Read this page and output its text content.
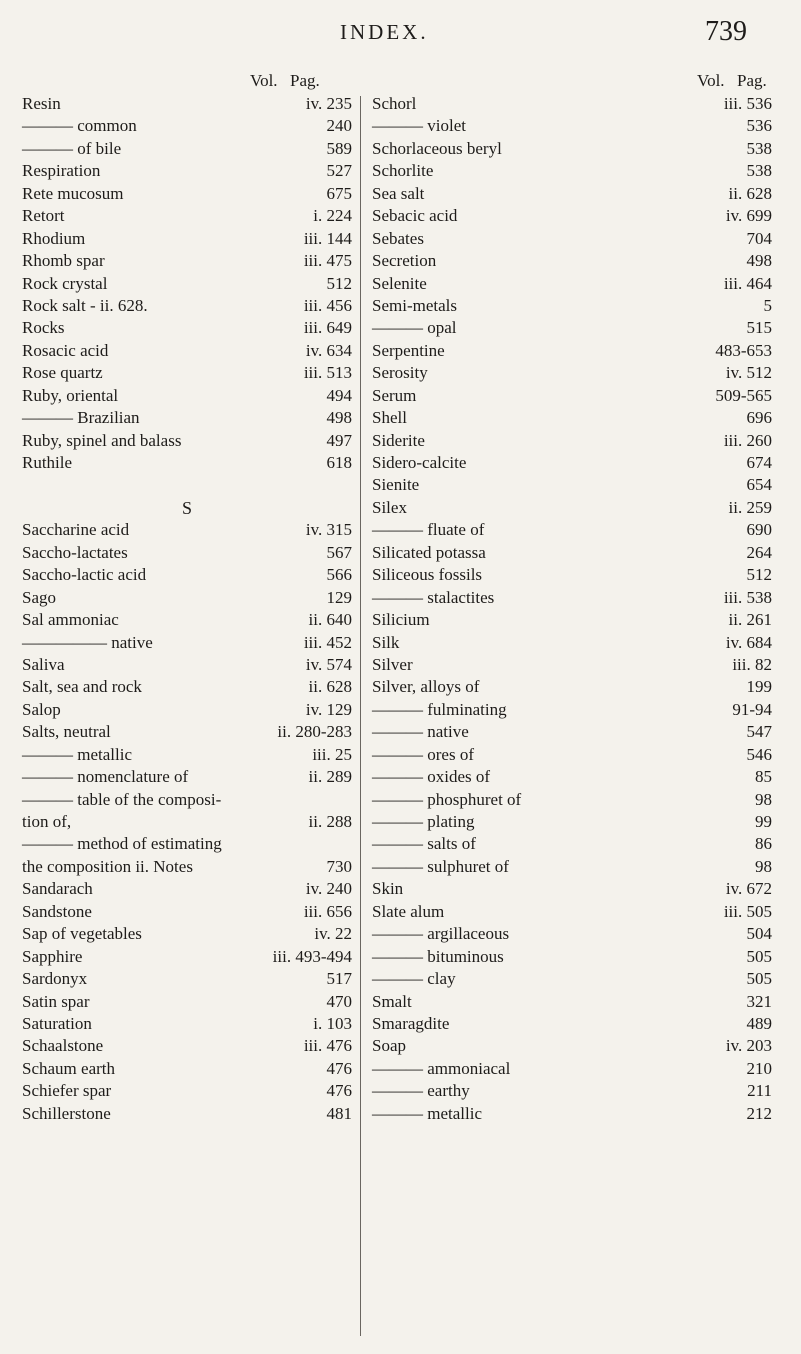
INDEX.	739
Vol. Pag.
Resin	iv. 235
——— common	240
——— of bile	589
Respiration	527
Rete mucosum	675
Retort	i. 224
Rhodium	iii. 144
Rhomb spar	iii. 475
Rock crystal	512
Rock salt - ii. 628.	iii. 456
Rocks	iii. 649
Rosacic acid	iv. 634
Rose quartz	iii. 513
Ruby, oriental	494
——— Brazilian	498
Ruby, spinel and balass	497
Ruthile	618
S
Saccharine acid	iv. 315
Saccho-lactates	567
Saccho-lactic acid	566
Sago	129
Sal ammoniac	ii. 640
————— native	iii. 452
Saliva	iv. 574
Salt, sea and rock	ii. 628
Salop	iv. 129
Salts, neutral	ii. 280-283
——— metallic	iii. 25
——— nomenclature of	ii. 289
——— table of the composi-
tion of,	ii. 288
——— method of estimating
the composition ii. Notes	730
Sandarach	iv. 240
Sandstone	iii. 656
Sap of vegetables	iv. 22
Sapphire	iii. 493-494
Sardonyx	517
Satin spar	470
Saturation	i. 103
Schaalstone	iii. 476
Schaum earth	476
Schiefer spar	476
Schillerstone	481
Vol. Pag.
Schorl	iii. 536
——— violet	536
Schorlaceous beryl	538
Schorlite	538
Sea salt	ii. 628
Sebacic acid	iv. 699
Sebates	704
Secretion	498
Selenite	iii. 464
Semi-metals	5
——— opal	515
Serpentine	483-653
Serosity	iv. 512
Serum	509-565
Shell	696
Siderite	iii. 260
Sidero-calcite	674
Sienite	654
Silex	ii. 259
——— fluate of	690
Silicated potassa	264
Siliceous fossils	512
——— stalactites	iii. 538
Silicium	ii. 261
Silk	iv. 684
Silver	iii. 82
Silver, alloys of	199
——— fulminating	91-94
——— native	547
——— ores of	546
——— oxides of	85
——— phosphuret of	98
——— plating	99
——— salts of	86
——— sulphuret of	98
Skin	iv. 672
Slate alum	iii. 505
——— argillaceous	504
——— bituminous	505
——— clay	505
Smalt	321
Smaragdite	489
Soap	iv. 203
——— ammoniacal	210
——— earthy	211
——— metallic	212
